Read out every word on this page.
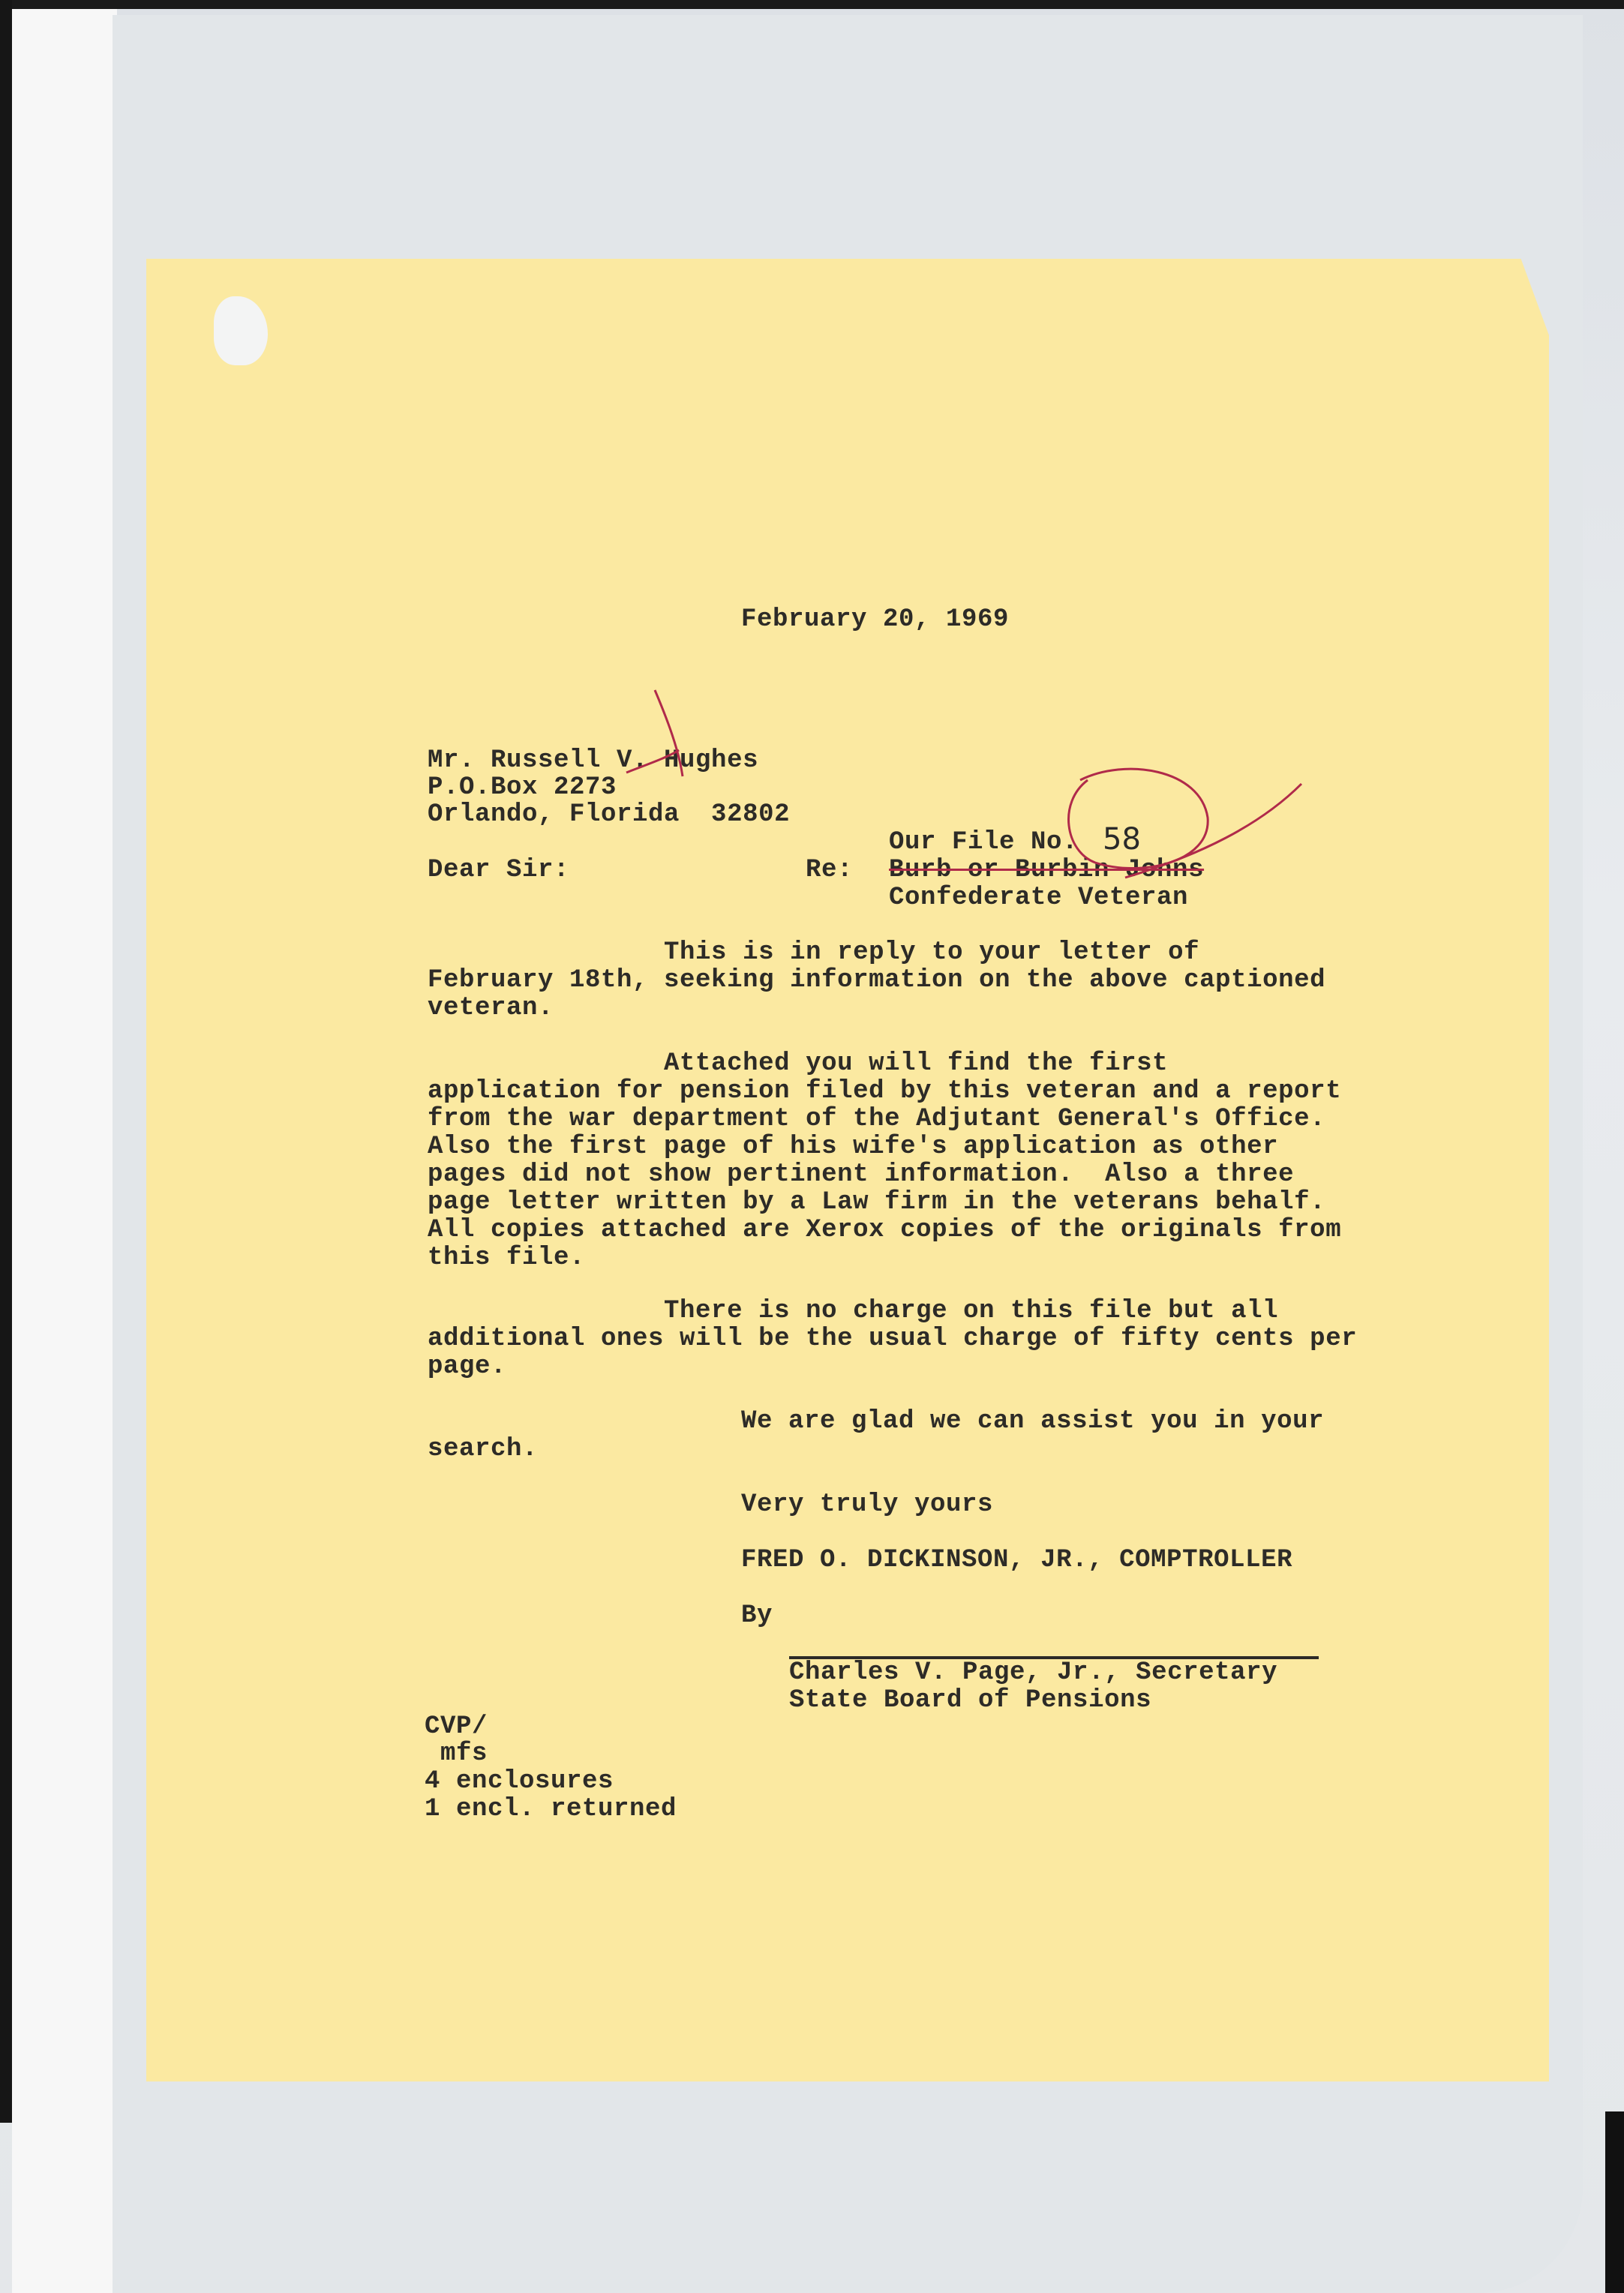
February 20, 1969

Mr. Russell V. Hughes

P.O.Box 2273

Orlando, Florida  32802

Our File No. 58

Dear Sir:	Re: Burb or Burbin Johns

Confederate Veteran

This is in reply to your letter of

February 18th, seeking information on the above captioned

veteran.

Attached you will find the first

application for pension filed by this veteran and a report

from the war department of the Adjutant General's Office.

Also the first page of his wife's application as other

pages did not show pertinent information.  Also a three

page letter written by a Law firm in the veterans behalf.

All copies attached are Xerox copies of the originals from

this file.

There is no charge on this file but all

additional ones will be the usual charge of fifty cents per

page.

We are glad we can assist you in your

search.

Very truly yours

FRED O. DICKINSON, JR., COMPTROLLER

By

Charles V. Page, Jr., Secretary

State Board of Pensions

CVP/

mfs

4 enclosures

1 encl. returned
